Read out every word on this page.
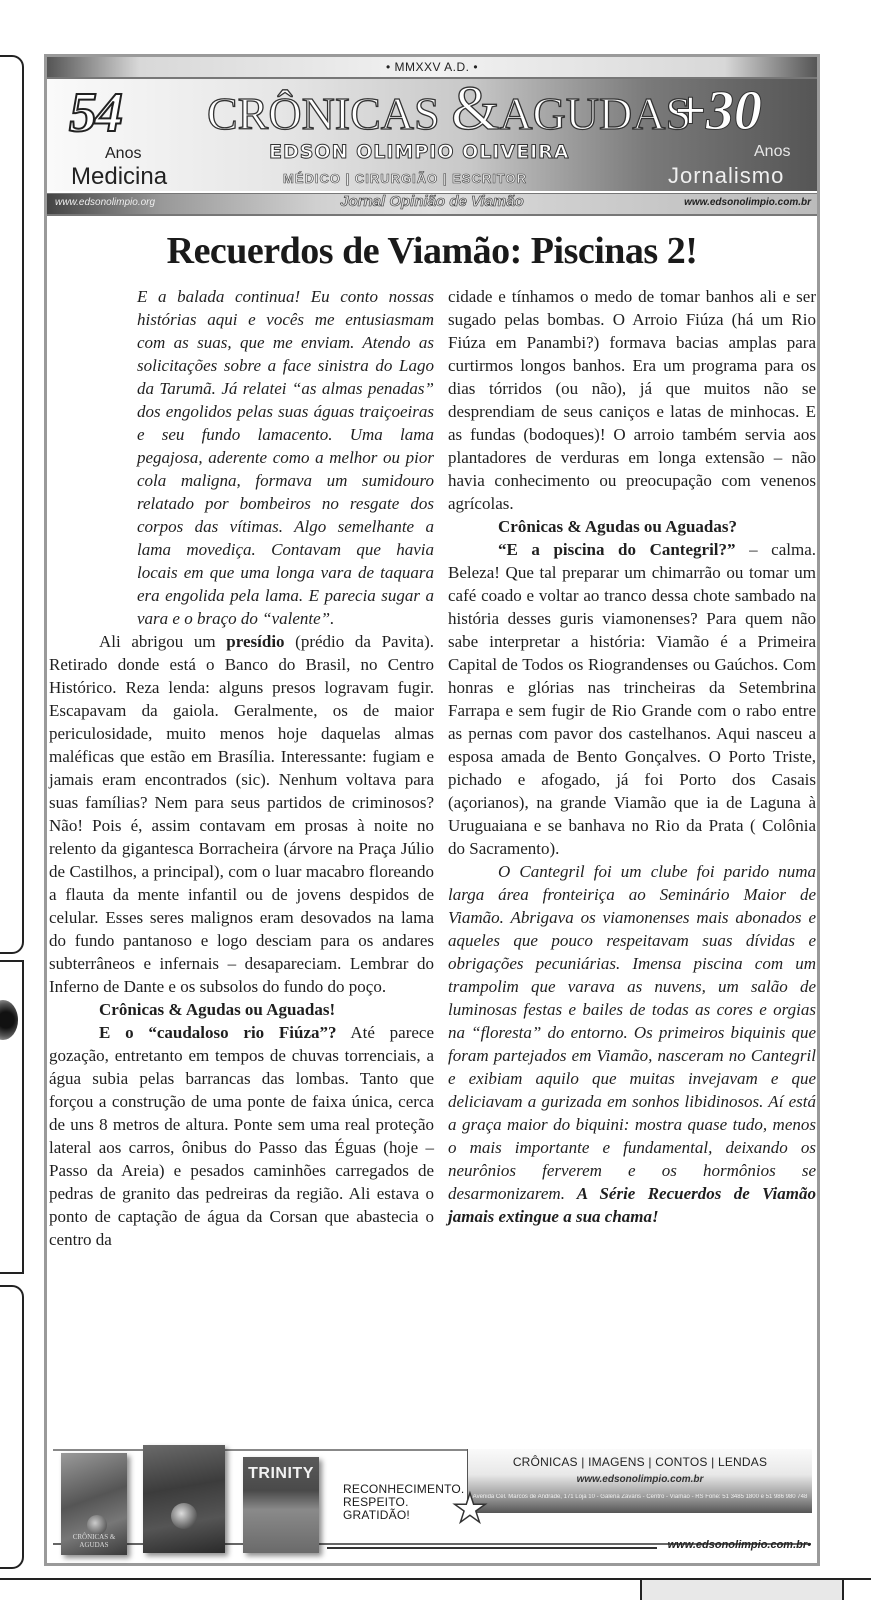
• MMXXV A.D. •
54
Anos
Medicina
CRÔNICAS &AGUDAS
EDSON OLIMPIO OLIVEIRA
MÉDICO | CIRURGIÃO | ESCRITOR
+30
Anos
Jornalismo
www.edsonolimpio.org	Jornal Opinião de Viamão	www.edsonolimpio.com.br
Recuerdos de Viamão: Piscinas 2!

E a balada continua! Eu conto nossas histórias aqui e vocês me entusiasmam com as suas, que me enviam. Atendo as solicitações sobre a face sinistra do Lago da Tarumã. Já relatei “as almas penadas” dos engolidos pelas suas águas traiçoeiras e seu fundo lamacento. Uma lama pegajosa, aderente como a melhor ou pior cola maligna, formava um sumidouro relatado por bombeiros no resgate dos corpos das vítimas. Algo semelhante a lama movediça. Contavam que havia locais em que uma longa vara de taquara era engolida pela lama. E parecia sugar a vara e o braço do “valente”.

Ali abrigou um presídio (prédio da Pavita). Retirado donde está o Banco do Brasil, no Centro Histórico. Reza lenda: alguns presos logravam fugir. Escapavam da gaiola. Geralmente, os de maior periculosidade, muito menos hoje daquelas almas maléficas que estão em Brasília. Interessante: fugiam e jamais eram encontrados (sic). Nenhum voltava para suas famílias? Nem para seus partidos de criminosos? Não! Pois é, assim contavam em prosas à noite no relento da gigantesca Borracheira (árvore na Praça Júlio de Castilhos, a principal), com o luar macabro floreando a flauta da mente infantil ou de jovens despidos de celular. Esses seres malignos eram desovados na lama do fundo pantanoso e logo desciam para os andares subterrâneos e infernais – desapareciam. Lembrar do Inferno de Dante e os subsolos do fundo do poço.

Crônicas & Agudas ou Aguadas!

E o “caudaloso rio Fiúza”? Até parece gozação, entretanto em tempos de chuvas torrenciais, a água subia pelas barrancas das lombas. Tanto que forçou a construção de uma ponte de faixa única, cerca de uns 8 metros de altura. Ponte sem uma real proteção lateral aos carros, ônibus do Passo das Éguas (hoje – Passo da Areia) e pesados caminhões carregados de pedras de granito das pedreiras da região. Ali estava o ponto de captação de água da Corsan que abastecia o centro da

cidade e tínhamos o medo de tomar banhos ali e ser sugado pelas bombas. O Arroio Fiúza (há um Rio Fiúza em Panambi?) formava bacias amplas para curtirmos longos banhos. Era um programa para os dias tórridos (ou não), já que muitos não se desprendiam de seus caniços e latas de minhocas. E as fundas (bodoques)! O arroio também servia aos plantadores de verduras em longa extensão – não havia conhecimento ou preocupação com venenos agrícolas.

Crônicas & Agudas ou Aguadas?

“E a piscina do Cantegril?” – calma. Beleza! Que tal preparar um chimarrão ou tomar um café coado e voltar ao tranco dessa chote sambado na história desses guris viamonenses? Para quem não sabe interpretar a história: Viamão é a Primeira Capital de Todos os Riograndenses ou Gaúchos. Com honras e glórias nas trincheiras da Setembrina Farrapa e sem fugir de Rio Grande com o rabo entre as pernas com pavor dos castelhanos. Aqui nasceu a esposa amada de Bento Gonçalves. O Porto Triste, pichado e afogado, já foi Porto dos Casais (açorianos), na grande Viamão que ia de Laguna à Uruguaiana e se banhava no Rio da Prata ( Colônia do Sacramento).

O Cantegril foi um clube foi parido numa larga área fronteiriça ao Seminário Maior de Viamão. Abrigava os viamonenses mais abonados e aqueles que pouco respeitavam suas dívidas e obrigações pecuniárias. Imensa piscina com um trampolim que varava as nuvens, um salão de luminosas festas e bailes de todas as cores e orgias na “floresta” do entorno. Os primeiros biquinis que foram partejados em Viamão, nasceram no Cantegril e exibiam aquilo que muitas invejavam e que deliciavam a gurizada em sonhos libidinosos. Aí está a graça maior do biquini: mostra quase tudo, menos o mais importante e fundamental, deixando os neurônios ferverem e os hormônios se desarmonizarem. A Série Recuerdos de Viamão jamais extingue a sua chama!

CRÔNICAS & AGUDAS
TRINITY
RECONHECIMENTO.
RESPEITO.
GRATIDÃO!
CRÔNICAS | IMAGENS | CONTOS | LENDAS
www.edsonolimpio.com.br
Avenida Cel. Marcos de Andrade, 171 Loja 10 - Galeria Zavaris - Centro - Viamão - RS Fone: 51 3485 1800 e 51 986 980 748
★
www.edsonolimpio.com.br•
